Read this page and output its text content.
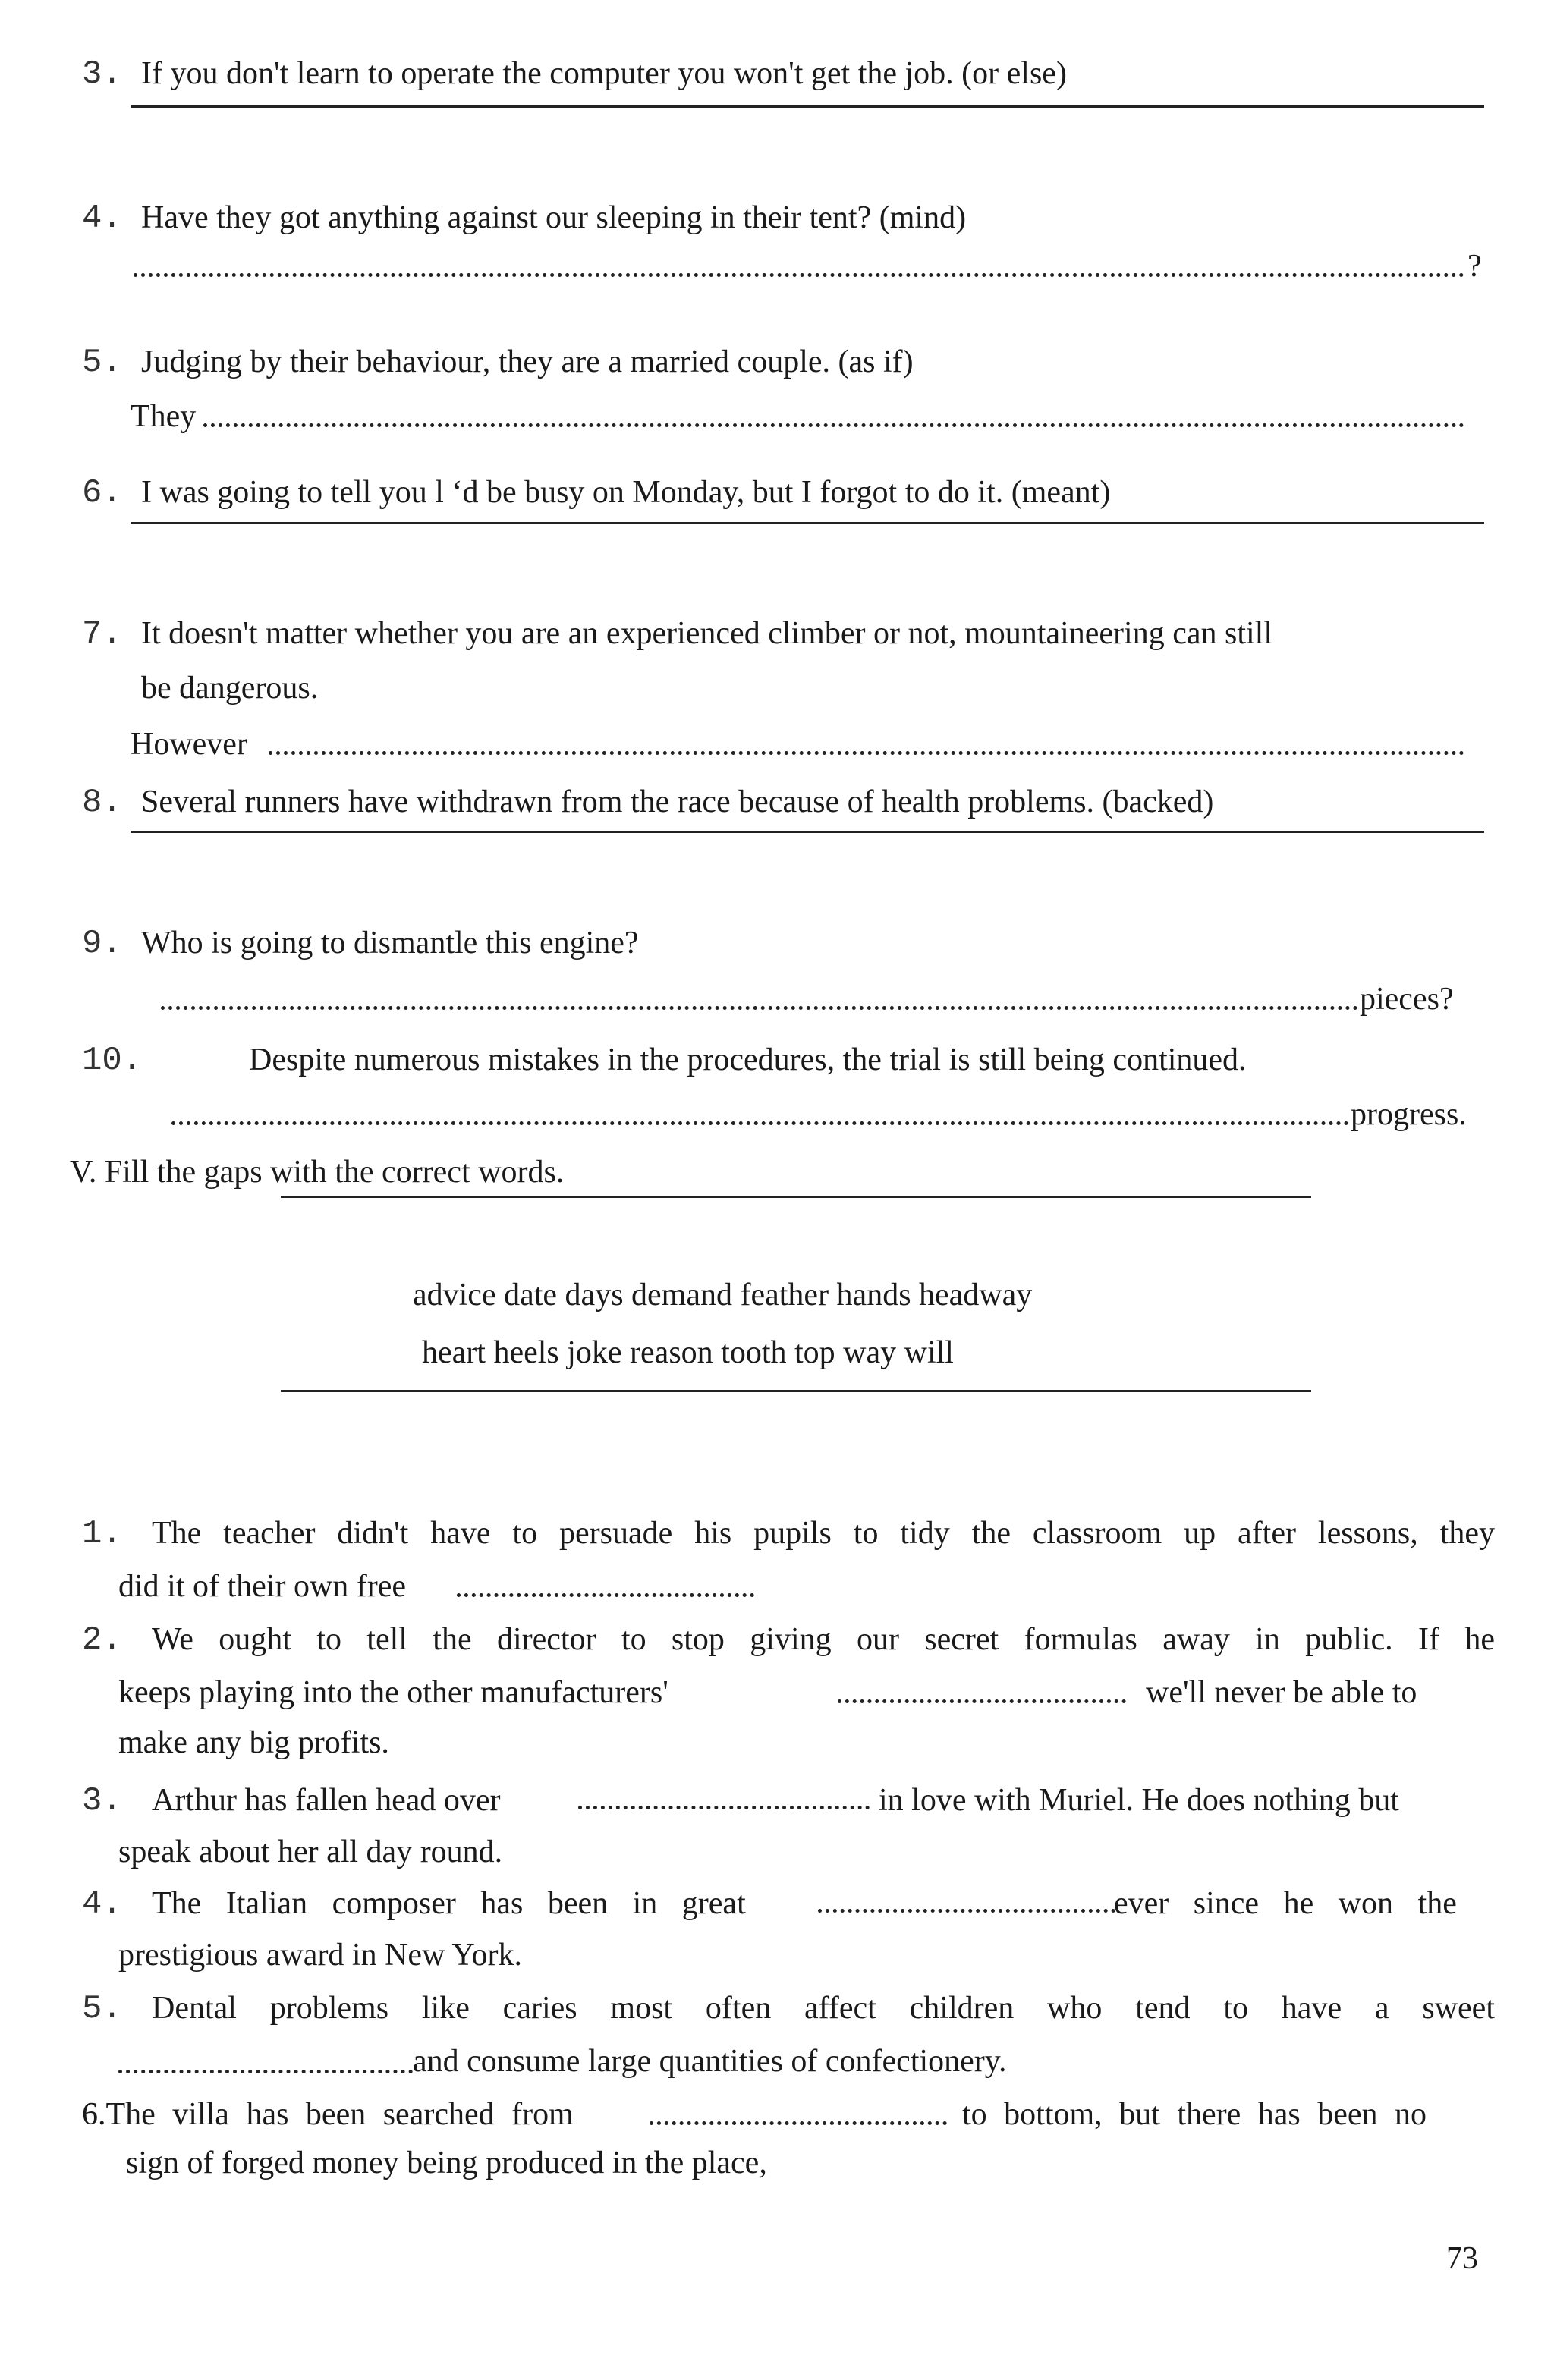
3. If you don't learn to operate the computer you won't get the job. (or else)
4. Have they got anything against our sleeping in their tent? (mind)
?
5. Judging by their behaviour, they are a married couple. (as if)
They
6. I was going to tell you l ‘d be busy on Monday, but I forgot to do it. (meant)
7. It doesn't matter whether you are an experienced climber or not, mountaineering can still
be dangerous.
However
8. Several runners have withdrawn from the race because of health problems. (backed)
9. Who is going to dismantle this engine?
pieces?
10.	Despite numerous mistakes in the procedures, the trial is still being continued.
progress.
V. Fill the gaps with the correct words.
advice date days demand feather hands headway
heart heels joke reason tooth top way will
1. The teacher didn't have to persuade his pupils to tidy the classroom up after lessons, they
did it of their own free
2. We ought to tell the director to stop giving our secret formulas away in public. If he
keeps playing into the other manufacturers'	we'll never be able to
make any big profits.
3. Arthur has fallen head over	in love with Muriel. He does nothing but
speak about her all day round.
4. The Italian composer has been in great	ever since he won the
prestigious award in New York.
5. Dental problems like caries most often affect children who tend to have a sweet
and consume large quantities of confectionery.
6.The villa has been searched from	to bottom, but there has been no
sign of forged money being produced in the place,
73
